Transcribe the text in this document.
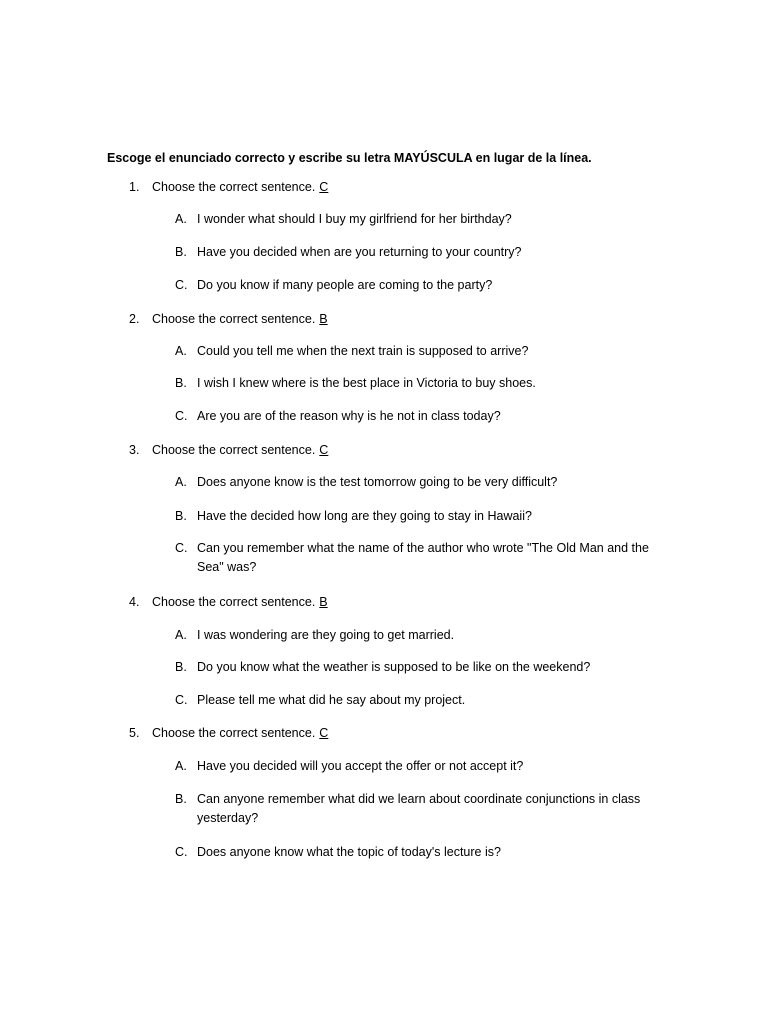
Escoge el enunciado correcto y escribe su letra MAYÚSCULA en lugar de la línea.
1. Choose the correct sentence. C
A. I wonder what should I buy my girlfriend for her birthday?
B. Have you decided when are you returning to your country?
C. Do you know if many people are coming to the party?
2. Choose the correct sentence. B
A. Could you tell me when the next train is supposed to arrive?
B. I wish I knew where is the best place in Victoria to buy shoes.
C. Are you are of the reason why is he not in class today?
3. Choose the correct sentence. C
A. Does anyone know is the test tomorrow going to be very difficult?
B. Have the decided how long are they going to stay in Hawaii?
C. Can you remember what the name of the author who wrote "The Old Man and the Sea" was?
4. Choose the correct sentence. B
A. I was wondering are they going to get married.
B. Do you know what the weather is supposed to be like on the weekend?
C. Please tell me what did he say about my project.
5. Choose the correct sentence. C
A. Have you decided will you accept the offer or not accept it?
B. Can anyone remember what did we learn about coordinate conjunctions in class yesterday?
C. Does anyone know what the topic of today's lecture is?
